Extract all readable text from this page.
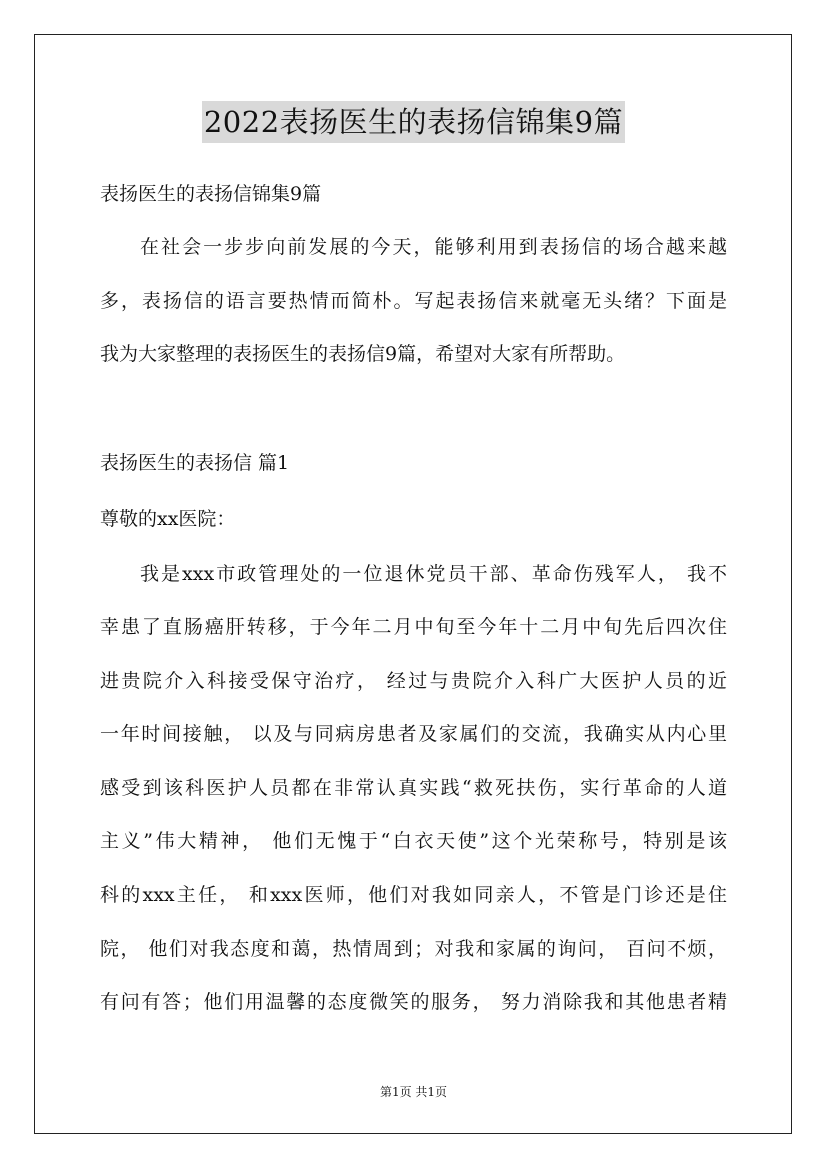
2022表扬医生的表扬信锦集9篇
表扬医生的表扬信锦集9篇
在社会一步步向前发展的今天，能够利用到表扬信的场合越来越
多，表扬信的语言要热情而简朴。写起表扬信来就毫无头绪？下面是
我为大家整理的表扬医生的表扬信9篇，希望对大家有所帮助。
表扬医生的表扬信 篇1
尊敬的xx医院：
我是xxx市政管理处的一位退休党员干部、革命伤残军人， 我不
幸患了直肠癌肝转移，于今年二月中旬至今年十二月中旬先后四次住
进贵院介入科接受保守治疗， 经过与贵院介入科广大医护人员的近
一年时间接触， 以及与同病房患者及家属们的交流，我确实从内心里
感受到该科医护人员都在非常认真实践“救死扶伤，实行革命的人道
主义”伟大精神， 他们无愧于“白衣天使”这个光荣称号，特别是该
科的xxx主任， 和xxx医师，他们对我如同亲人，不管是门诊还是住
院， 他们对我态度和蔼，热情周到；对我和家属的询问， 百问不烦，
有问有答；他们用温馨的态度微笑的服务， 努力消除我和其他患者精
第1页 共1页
